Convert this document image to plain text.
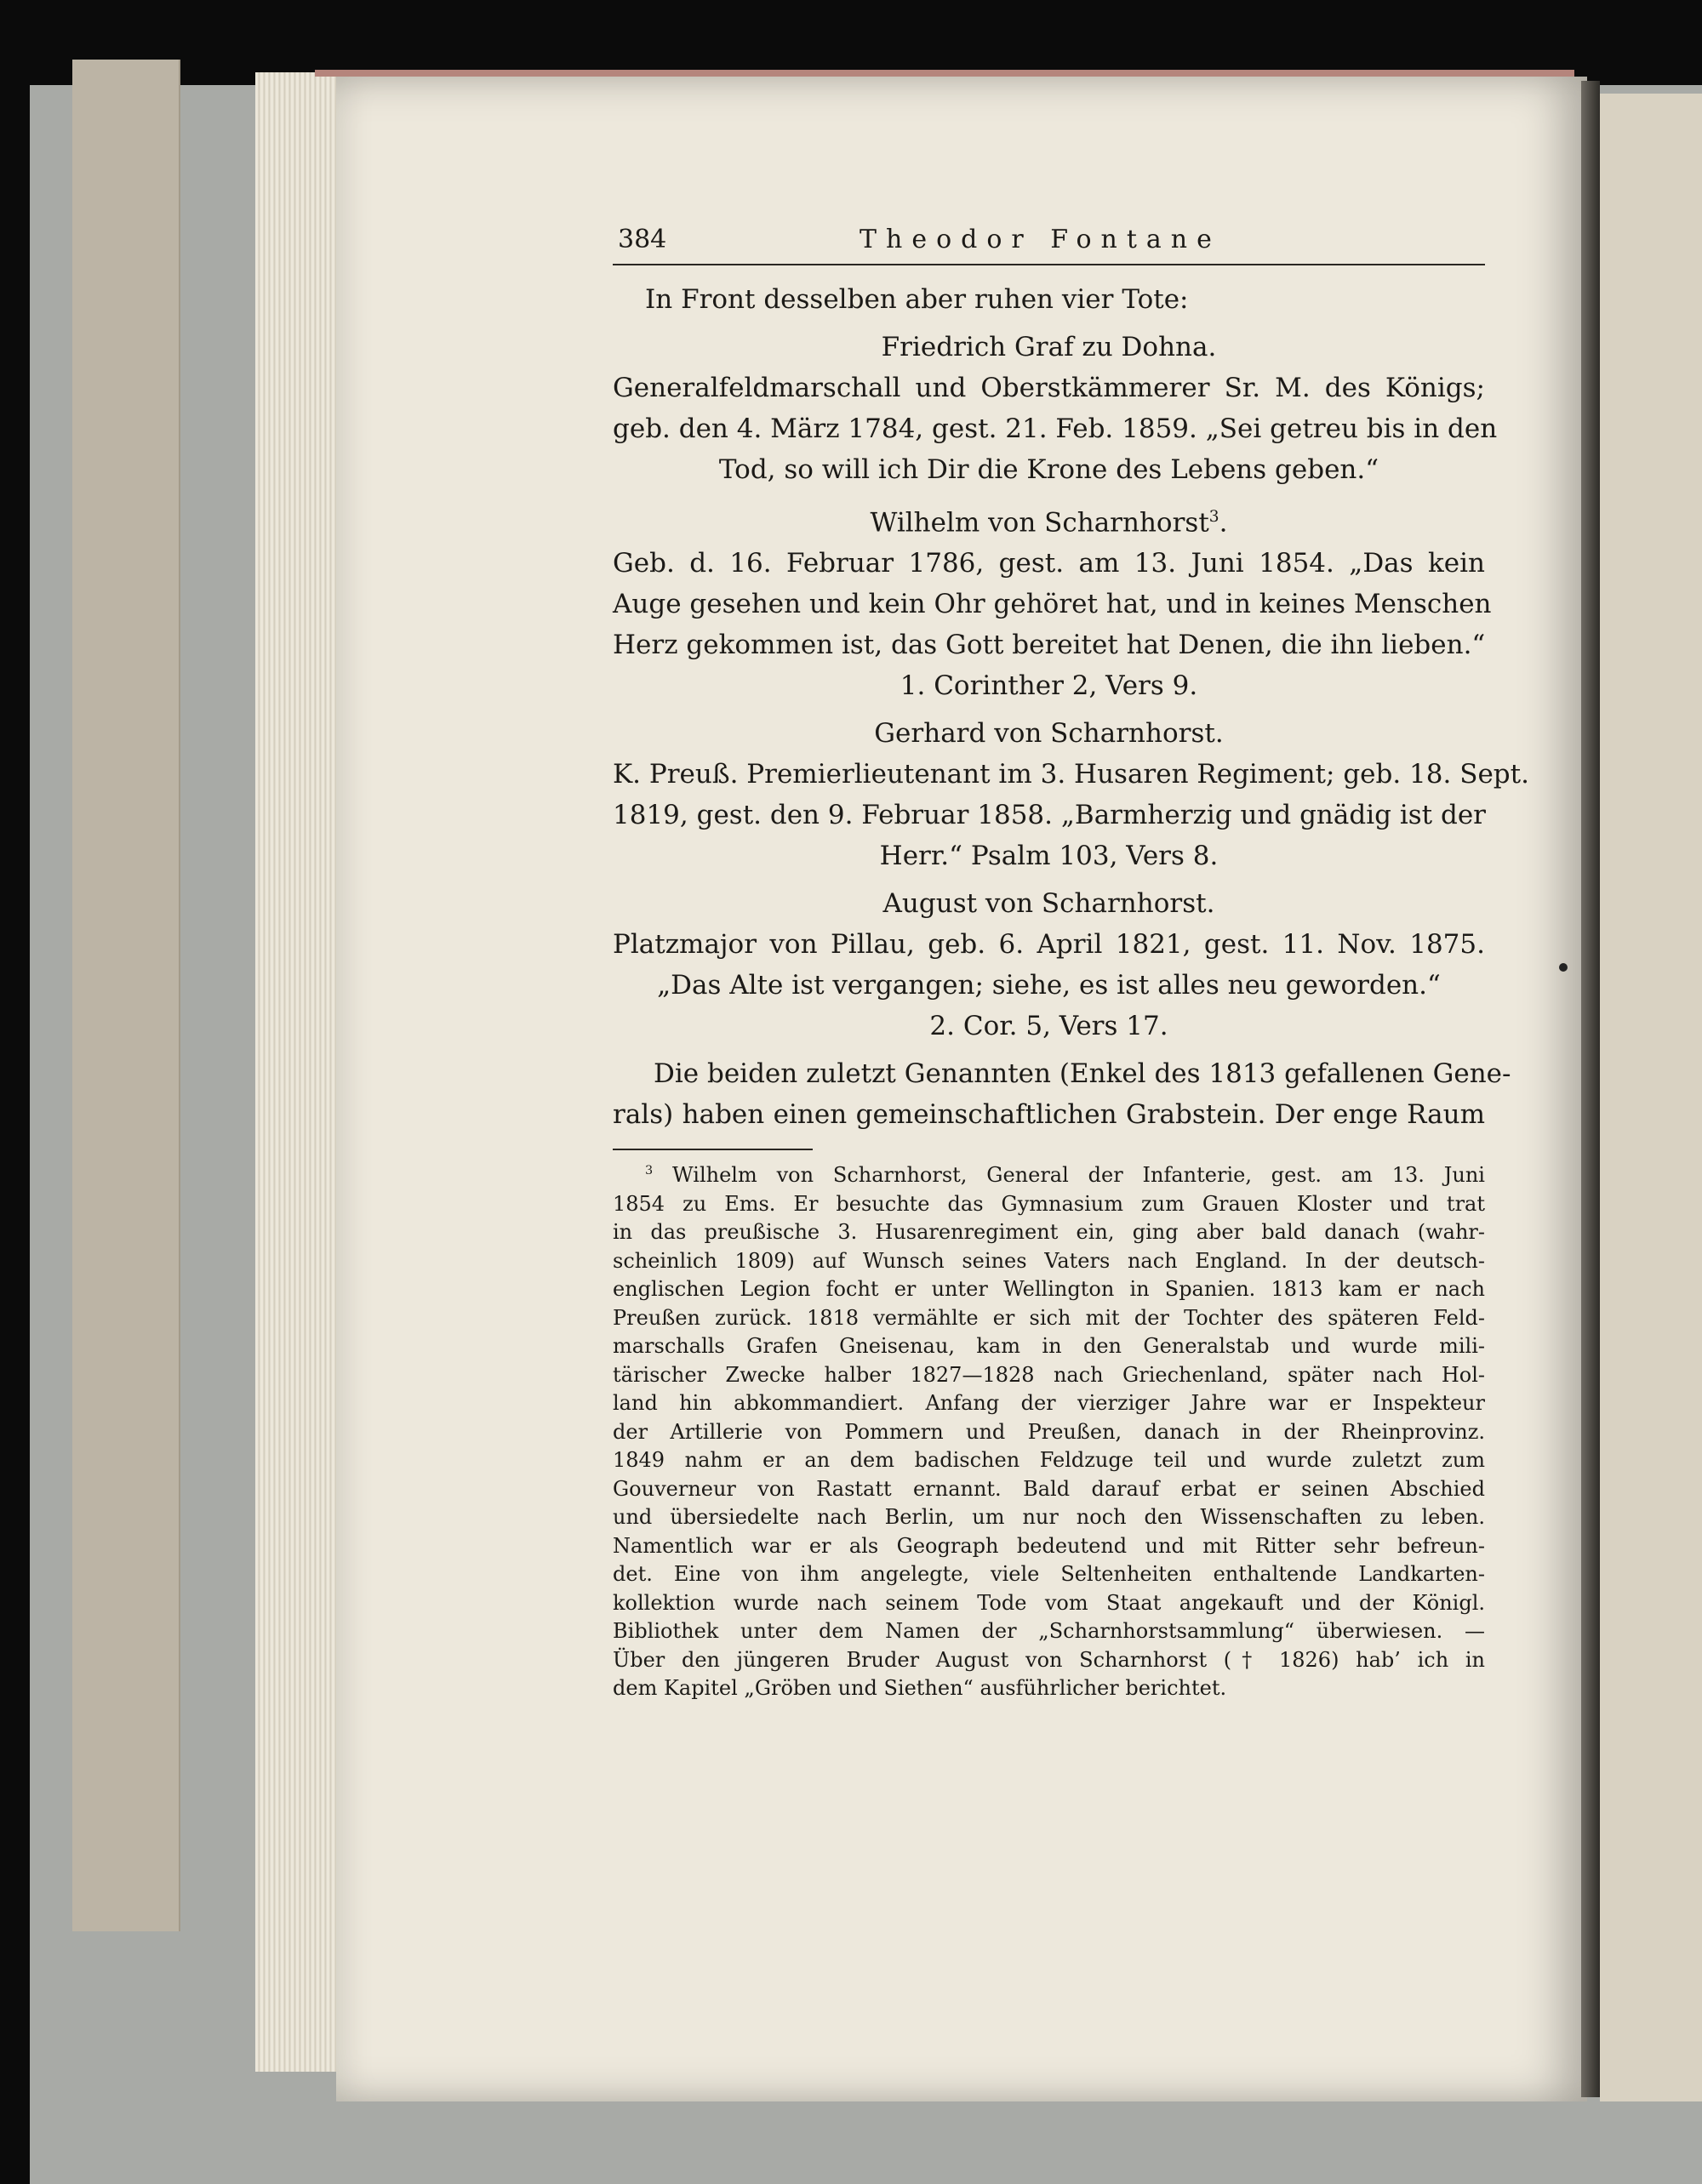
384	Theodor Fontane
In Front desselben aber ruhen vier Tote:
Friedrich Graf zu Dohna.
Generalfeldmarschall und Oberstkämmerer Sr. M. des Königs;
geb. den 4. März 1784, gest. 21. Feb. 1859. „Sei getreu bis in den
Tod, so will ich Dir die Krone des Lebens geben.“
Wilhelm von Scharnhorst$^3$.
Geb. d. 16. Februar 1786, gest. am 13. Juni 1854. „Das kein
Auge gesehen und kein Ohr gehöret hat, und in keines Menschen
Herz gekommen ist, das Gott bereitet hat Denen, die ihn lieben.“
1. Corinther 2, Vers 9.
Gerhard von Scharnhorst.
K. Preuß. Premierlieutenant im 3. Husaren Regiment; geb. 18. Sept.
1819, gest. den 9. Februar 1858. „Barmherzig und gnädig ist der
Herr.“ Psalm 103, Vers 8.
August von Scharnhorst.
Platzmajor von Pillau, geb. 6. April 1821, gest. 11. Nov. 1875.
„Das Alte ist vergangen; siehe, es ist alles neu geworden.“
2. Cor. 5, Vers 17.
Die beiden zuletzt Genannten (Enkel des 1813 gefallenen Gene-
rals) haben einen gemeinschaftlichen Grabstein. Der enge Raum
$^3$ Wilhelm von Scharnhorst, General der Infanterie, gest. am 13. Juni
1854 zu Ems. Er besuchte das Gymnasium zum Grauen Kloster und trat
in das preußische 3. Husarenregiment ein, ging aber bald danach (wahr-
scheinlich 1809) auf Wunsch seines Vaters nach England. In der deutsch-
englischen Legion focht er unter Wellington in Spanien. 1813 kam er nach
Preußen zurück. 1818 vermählte er sich mit der Tochter des späteren Feld-
marschalls Grafen Gneisenau, kam in den Generalstab und wurde mili-
tärischer Zwecke halber 1827—1828 nach Griechenland, später nach Hol-
land hin abkommandiert. Anfang der vierziger Jahre war er Inspekteur
der Artillerie von Pommern und Preußen, danach in der Rheinprovinz.
1849 nahm er an dem badischen Feldzuge teil und wurde zuletzt zum
Gouverneur von Rastatt ernannt. Bald darauf erbat er seinen Abschied
und übersiedelte nach Berlin, um nur noch den Wissenschaften zu leben.
Namentlich war er als Geograph bedeutend und mit Ritter sehr befreun-
det. Eine von ihm angelegte, viele Seltenheiten enthaltende Landkarten-
kollektion wurde nach seinem Tode vom Staat angekauft und der Königl.
Bibliothek unter dem Namen der „Scharnhorstsammlung“ überwiesen. —
Über den jüngeren Bruder August von Scharnhorst († 1826) hab’ ich in
dem Kapitel „Gröben und Siethen“ ausführlicher berichtet.
